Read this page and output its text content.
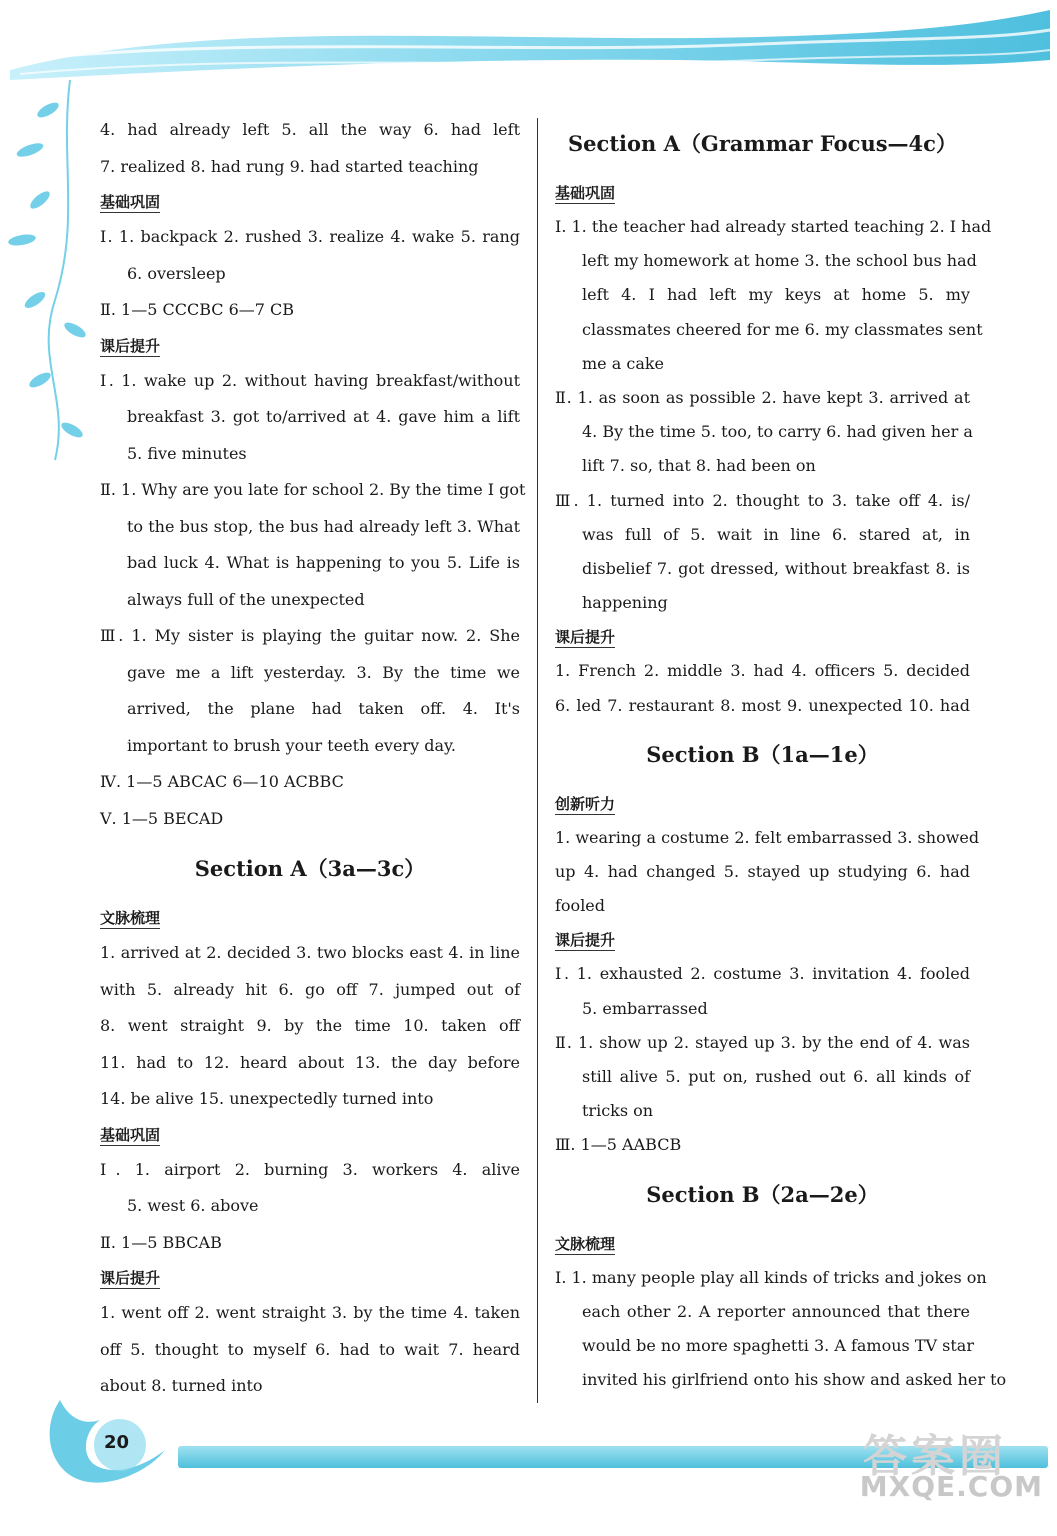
20	答案圈
MXQE.COM
4. had already left 5. all the way 6. had left
7. realized 8. had rung 9. had started teaching
基础巩固
Ⅰ. 1. backpack 2. rushed 3. realize 4. wake 5. rang
6. oversleep
Ⅱ. 1—5 CCCBC 6—7 CB
课后提升
Ⅰ. 1. wake up 2. without having breakfast/without
breakfast 3. got to/arrived at 4. gave him a lift
5. five minutes
Ⅱ. 1. Why are you late for school 2. By the time I got
to the bus stop, the bus had already left 3. What
bad luck 4. What is happening to you 5. Life is
always full of the unexpected
Ⅲ. 1. My sister is playing the guitar now. 2. She
gave me a lift yesterday. 3. By the time we
arrived, the plane had taken off. 4. It's
important to brush your teeth every day.
Ⅳ. 1—5 ABCAC 6—10 ACBBC
Ⅴ. 1—5 BECAD
Section A（3a—3c）
文脉梳理
1. arrived at 2. decided 3. two blocks east 4. in line
with 5. already hit 6. go off 7. jumped out of
8. went straight 9. by the time 10. taken off
11. had to 12. heard about 13. the day before
14. be alive 15. unexpectedly turned into
基础巩固
Ⅰ. 1. airport 2. burning 3. workers 4. alive
5. west 6. above
Ⅱ. 1—5 BBCAB
课后提升
1. went off 2. went straight 3. by the time 4. taken
off 5. thought to myself 6. had to wait 7. heard
about 8. turned into
Section A（Grammar Focus—4c）
基础巩固
Ⅰ. 1. the teacher had already started teaching 2. I had
left my homework at home 3. the school bus had
left 4. I had left my keys at home 5. my
classmates cheered for me 6. my classmates sent
me a cake
Ⅱ. 1. as soon as possible 2. have kept 3. arrived at
4. By the time 5. too, to carry 6. had given her a
lift 7. so, that 8. had been on
Ⅲ. 1. turned into 2. thought to 3. take off 4. is/
was full of 5. wait in line 6. stared at, in
disbelief 7. got dressed, without breakfast 8. is
happening
课后提升
1. French 2. middle 3. had 4. officers 5. decided
6. led 7. restaurant 8. most 9. unexpected 10. had
Section B（1a—1e）
创新听力
1. wearing a costume 2. felt embarrassed 3. showed
up 4. had changed 5. stayed up studying 6. had
fooled
课后提升
Ⅰ. 1. exhausted 2. costume 3. invitation 4. fooled
5. embarrassed
Ⅱ. 1. show up 2. stayed up 3. by the end of 4. was
still alive 5. put on, rushed out 6. all kinds of
tricks on
Ⅲ. 1—5 AABCB
Section B（2a—2e）
文脉梳理
Ⅰ. 1. many people play all kinds of tricks and jokes on
each other 2. A reporter announced that there
would be no more spaghetti 3. A famous TV star
invited his girlfriend onto his show and asked her to
